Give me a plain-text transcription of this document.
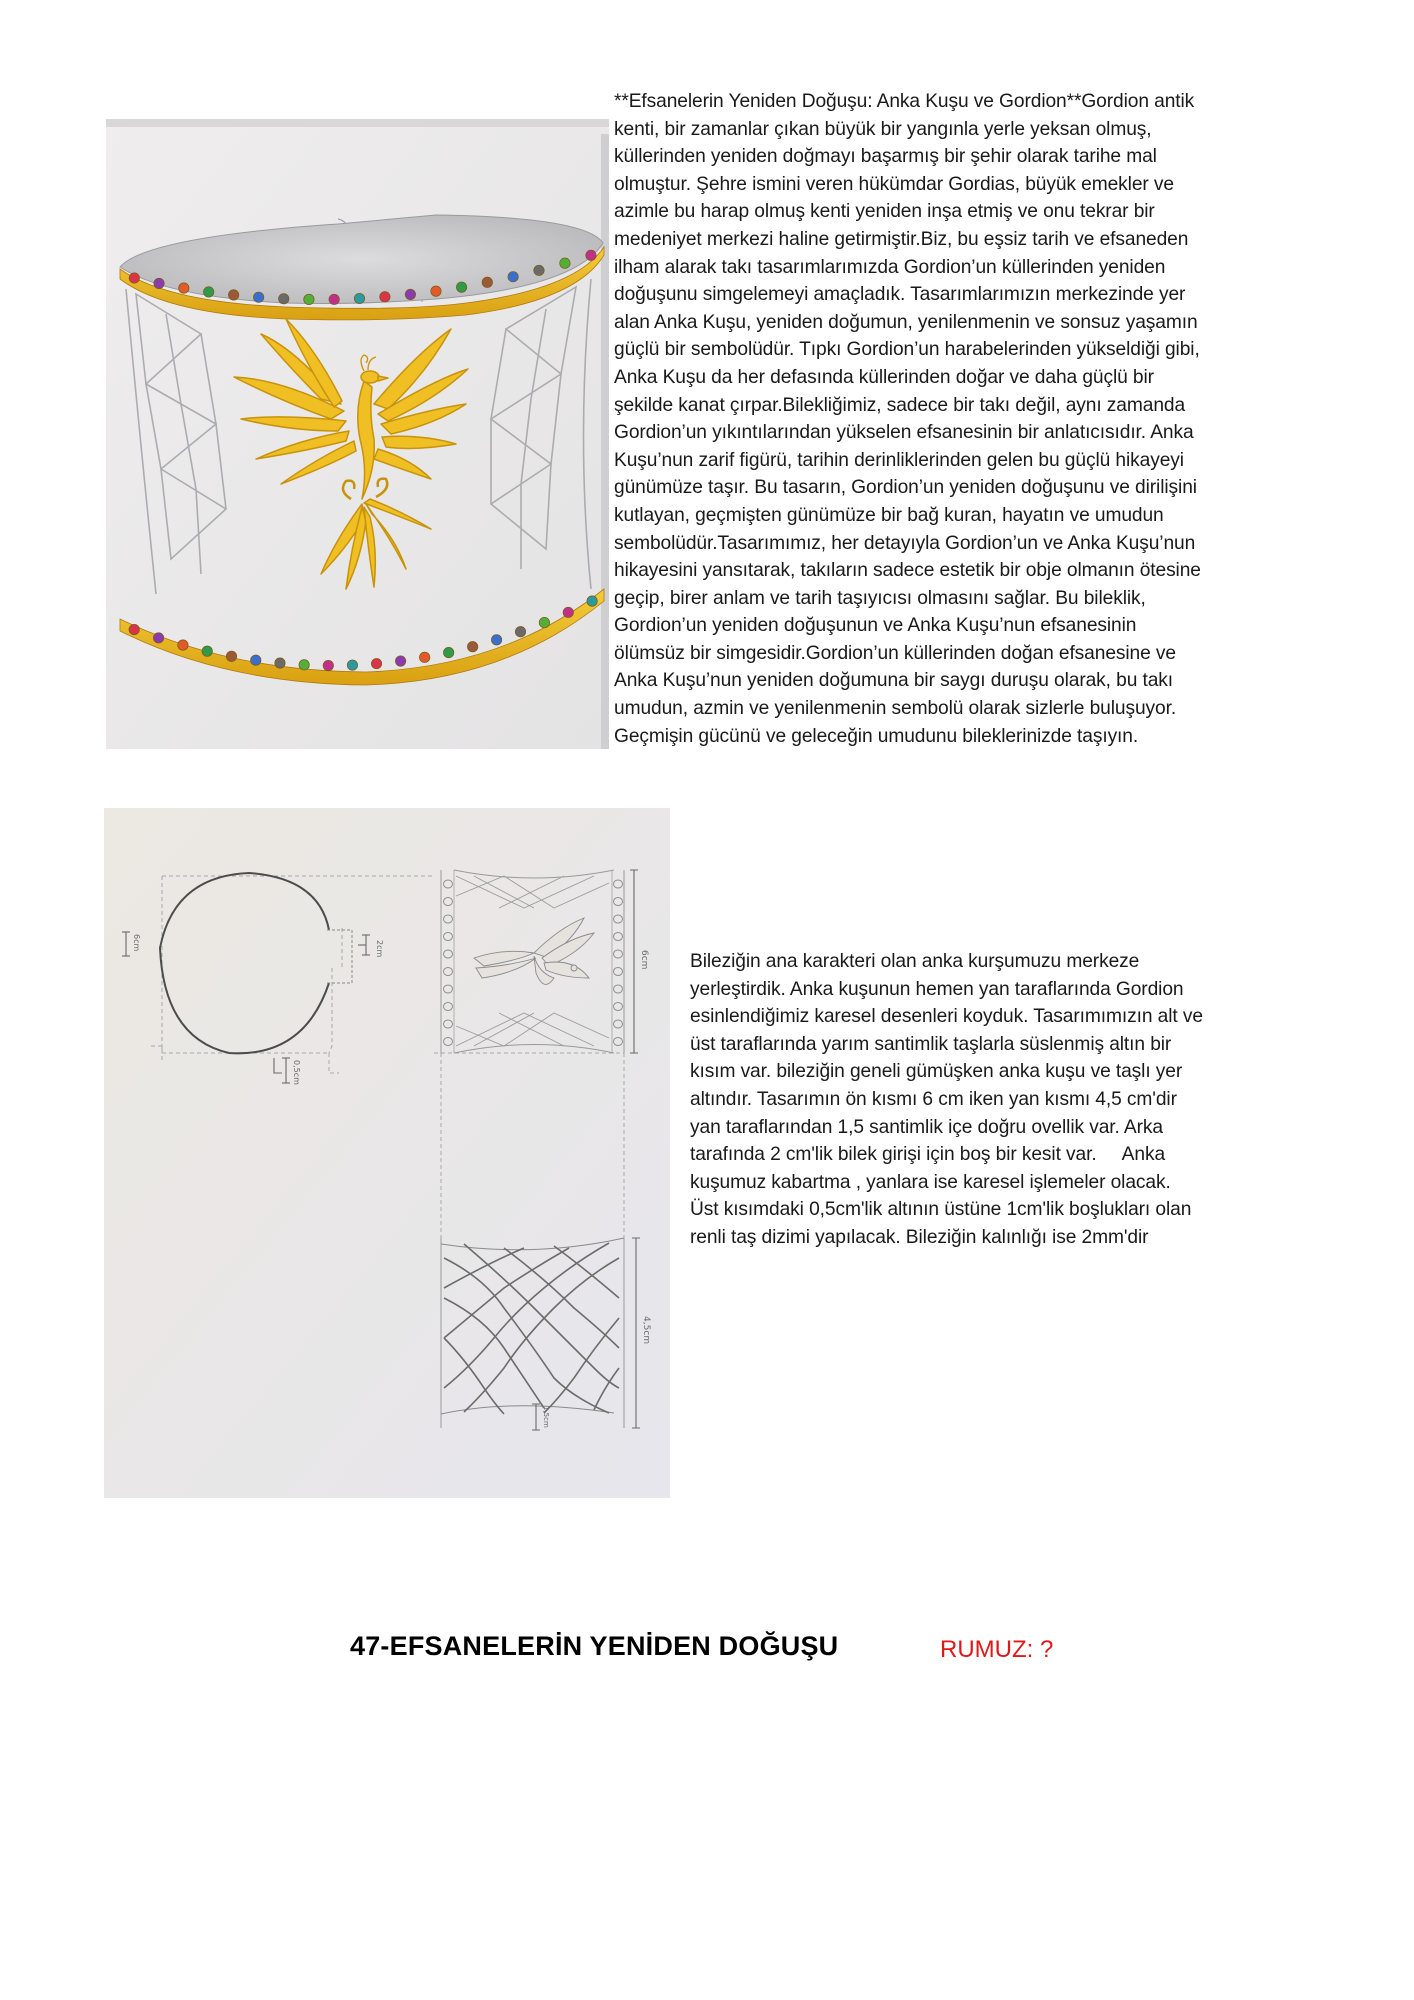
**Efsanelerin Yeniden Doğuşu: Anka Kuşu ve Gordion**Gordion antik
kenti, bir zamanlar çıkan büyük bir yangınla yerle yeksan olmuş,
küllerinden yeniden doğmayı başarmış bir şehir olarak tarihe mal
olmuştur. Şehre ismini veren hükümdar Gordias, büyük emekler ve
azimle bu harap olmuş kenti yeniden inşa etmiş ve onu tekrar bir
medeniyet merkezi haline getirmiştir.Biz, bu eşsiz tarih ve efsaneden
ilham alarak takı tasarımlarımızda Gordion’un küllerinden yeniden
doğuşunu simgelemeyi amaçladık. Tasarımlarımızın merkezinde yer
alan Anka Kuşu, yeniden doğumun, yenilenmenin ve sonsuz yaşamın
güçlü bir sembolüdür. Tıpkı Gordion’un harabelerinden yükseldiği gibi,
Anka Kuşu da her defasında küllerinden doğar ve daha güçlü bir
şekilde kanat çırpar.Bilekliğimiz, sadece bir takı değil, aynı zamanda
Gordion’un yıkıntılarından yükselen efsanesinin bir anlatıcısıdır. Anka
Kuşu’nun zarif figürü, tarihin derinliklerinden gelen bu güçlü hikayeyi
günümüze taşır. Bu tasarın, Gordion’un yeniden doğuşunu ve dirilişini
kutlayan, geçmişten günümüze bir bağ kuran, hayatın ve umudun
sembolüdür.Tasarımımız, her detayıyla Gordion’un ve Anka Kuşu’nun
hikayesini yansıtarak, takıların sadece estetik bir obje olmanın ötesine
geçip, birer anlam ve tarih taşıyıcısı olmasını sağlar. Bu bileklik,
Gordion’un yeniden doğuşunun ve Anka Kuşu’nun efsanesinin
ölümsüz bir simgesidir.Gordion’un küllerinden doğan efsanesine ve
Anka Kuşu’nun yeniden doğumuna bir saygı duruşu olarak, bu takı
umudun, azmin ve yenilenmenin sembolü olarak sizlerle buluşuyor.
Geçmişin gücünü ve geleceğin umudunu bileklerinizde taşıyın.
2cm
6cm
0,5cm
6cm
4,5cm
1,5cm
Bileziğin ana karakteri olan anka kurşumuzu merkeze
yerleştirdik. Anka kuşunun hemen yan taraflarında Gordion
esinlendiğimiz karesel desenleri koyduk. Tasarımımızın alt ve
üst taraflarında yarım santimlik taşlarla süslenmiş altın bir
kısım var. bileziğin geneli gümüşken anka kuşu ve taşlı yer
altındır. Tasarımın ön kısmı 6 cm iken yan kısmı 4,5 cm'dir
yan taraflarından 1,5 santimlik içe doğru ovellik var. Arka
tarafında 2 cm'lik bilek girişi için boş bir kesit var.     Anka
kuşumuz kabartma , yanlara ise karesel işlemeler olacak.
Üst kısımdaki 0,5cm'lik altının üstüne 1cm'lik boşlukları olan
renli taş dizimi yapılacak. Bileziğin kalınlığı ise 2mm'dir
47-EFSANELERİN YENİDEN DOĞUŞU	RUMUZ: ?
